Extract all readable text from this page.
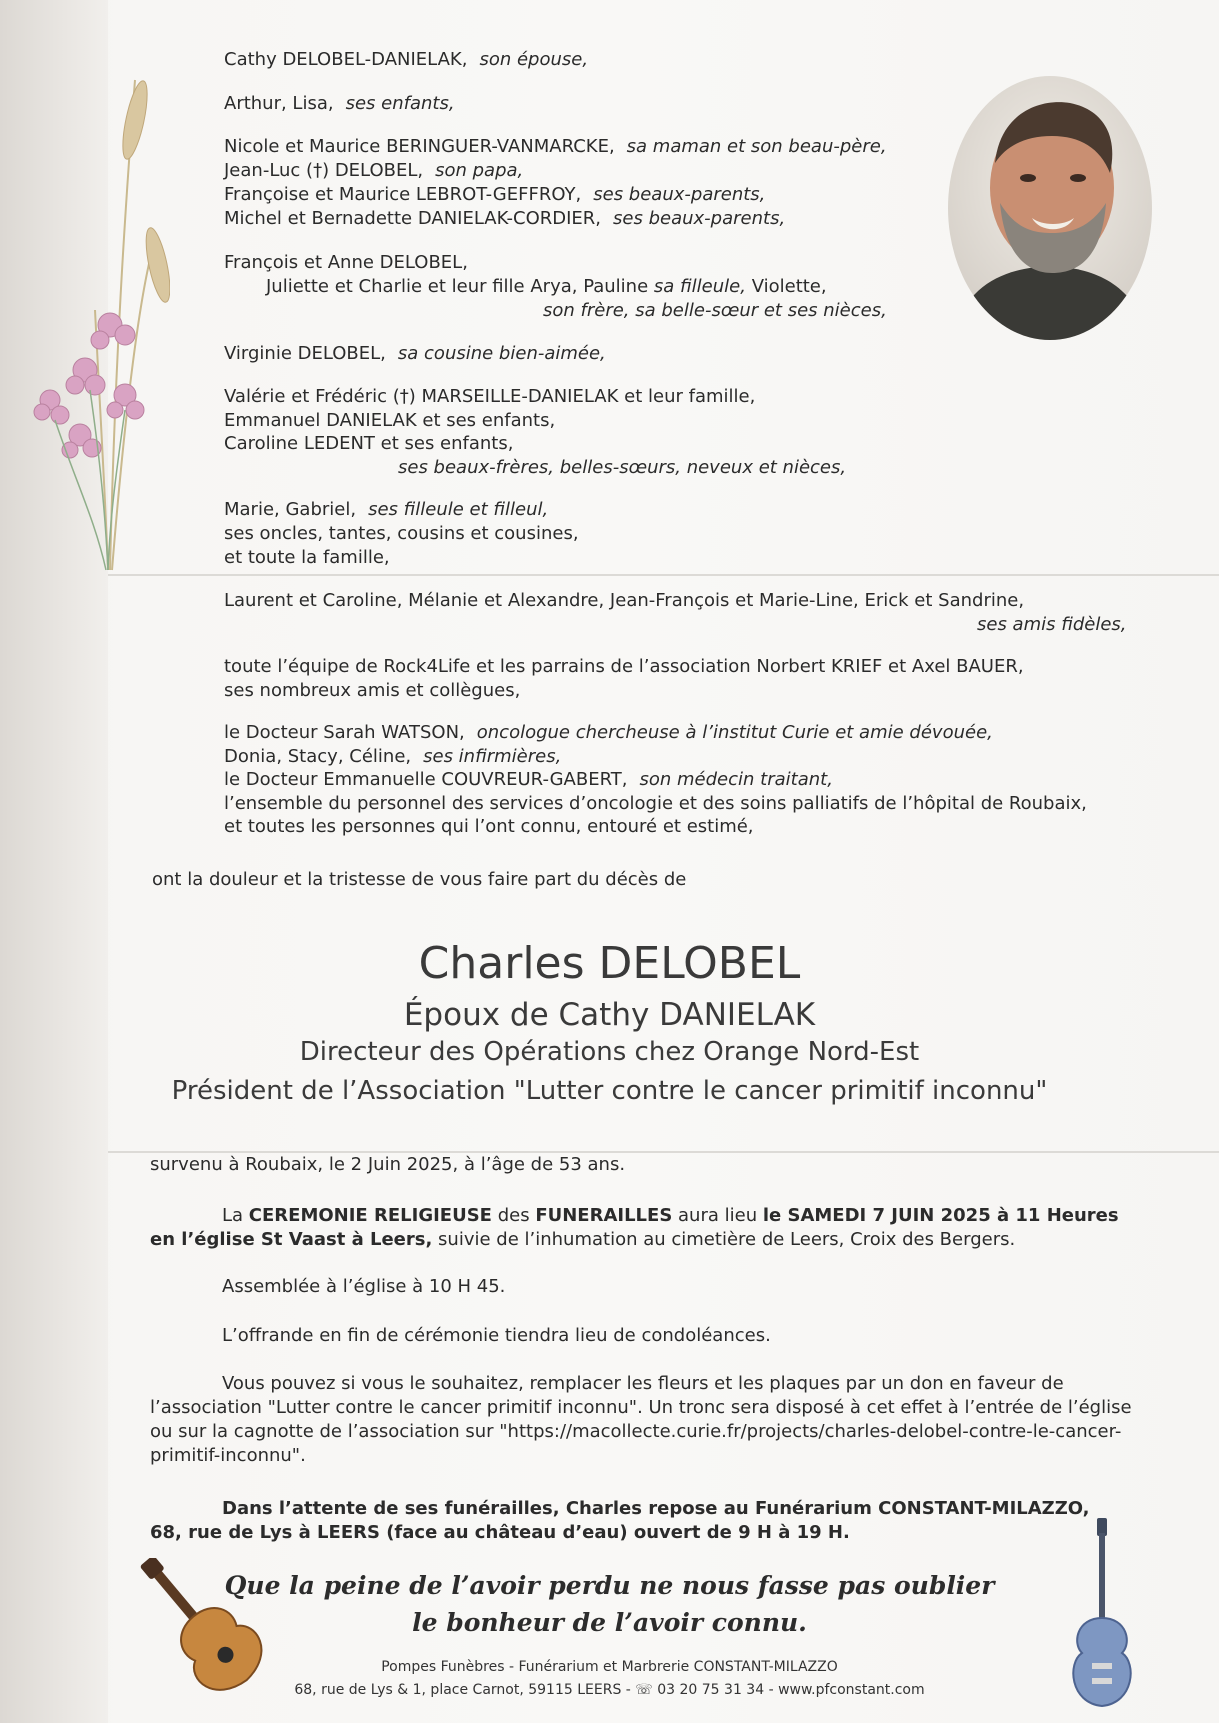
Cathy DELOBEL-DANIELAK, son épouse,
Arthur, Lisa, ses enfants,
Nicole et Maurice BERINGUER-VANMARCKE, sa maman et son beau-père,
Jean-Luc (†) DELOBEL, son papa,
Françoise et Maurice LEBROT-GEFFROY, ses beaux-parents,
Michel et Bernadette DANIELAK-CORDIER, ses beaux-parents,
François et Anne DELOBEL,
Juliette et Charlie et leur fille Arya, Pauline sa filleule, Violette,
son frère, sa belle-sœur et ses nièces,
Virginie DELOBEL, sa cousine bien-aimée,
Valérie et Frédéric (†) MARSEILLE-DANIELAK et leur famille,
Emmanuel DANIELAK et ses enfants,
Caroline LEDENT et ses enfants,
ses beaux-frères, belles-sœurs, neveux et nièces,
Marie, Gabriel, ses filleule et filleul,
ses oncles, tantes, cousins et cousines,
et toute la famille,
Laurent et Caroline, Mélanie et Alexandre, Jean-François et Marie-Line, Erick et Sandrine,
ses amis fidèles,
toute l’équipe de Rock4Life et les parrains de l’association Norbert KRIEF et Axel BAUER,
ses nombreux amis et collègues,
le Docteur Sarah WATSON, oncologue chercheuse à l’institut Curie et amie dévouée,
Donia, Stacy, Céline, ses infirmières,
le Docteur Emmanuelle COUVREUR-GABERT, son médecin traitant,
l’ensemble du personnel des services d’oncologie et des soins palliatifs de l’hôpital de Roubaix,
et toutes les personnes qui l’ont connu, entouré et estimé,
ont la douleur et la tristesse de vous faire part du décès de
Charles DELOBEL
Époux de Cathy DANIELAK
Directeur des Opérations chez Orange Nord-Est
Président de l’Association "Lutter contre le cancer primitif inconnu"
survenu à Roubaix, le 2 Juin 2025, à l’âge de 53 ans.
La CEREMONIE RELIGIEUSE des FUNERAILLES aura lieu le SAMEDI 7 JUIN 2025 à 11 Heures
en l’église St Vaast à Leers, suivie de l’inhumation au cimetière de Leers, Croix des Bergers.
Assemblée à l’église à 10 H 45.
L’offrande en fin de cérémonie tiendra lieu de condoléances.
Vous pouvez si vous le souhaitez, remplacer les fleurs et les plaques par un don en faveur de
l’association "Lutter contre le cancer primitif inconnu". Un tronc sera disposé à cet effet à l’entrée de l’église
ou sur la cagnotte de l’association sur "https://macollecte.curie.fr/projects/charles-delobel-contre-le-cancer-
primitif-inconnu".
Dans l’attente de ses funérailles, Charles repose au Funérarium CONSTANT-MILAZZO,
68, rue de Lys à LEERS (face au château d’eau) ouvert de 9 H à 19 H.
Que la peine de l’avoir perdu ne nous fasse pas oublier
le bonheur de l’avoir connu.
Pompes Funèbres - Funérarium et Marbrerie CONSTANT-MILAZZO
68, rue de Lys & 1, place Carnot, 59115 LEERS - ☏ 03 20 75 31 34 - www.pfconstant.com
